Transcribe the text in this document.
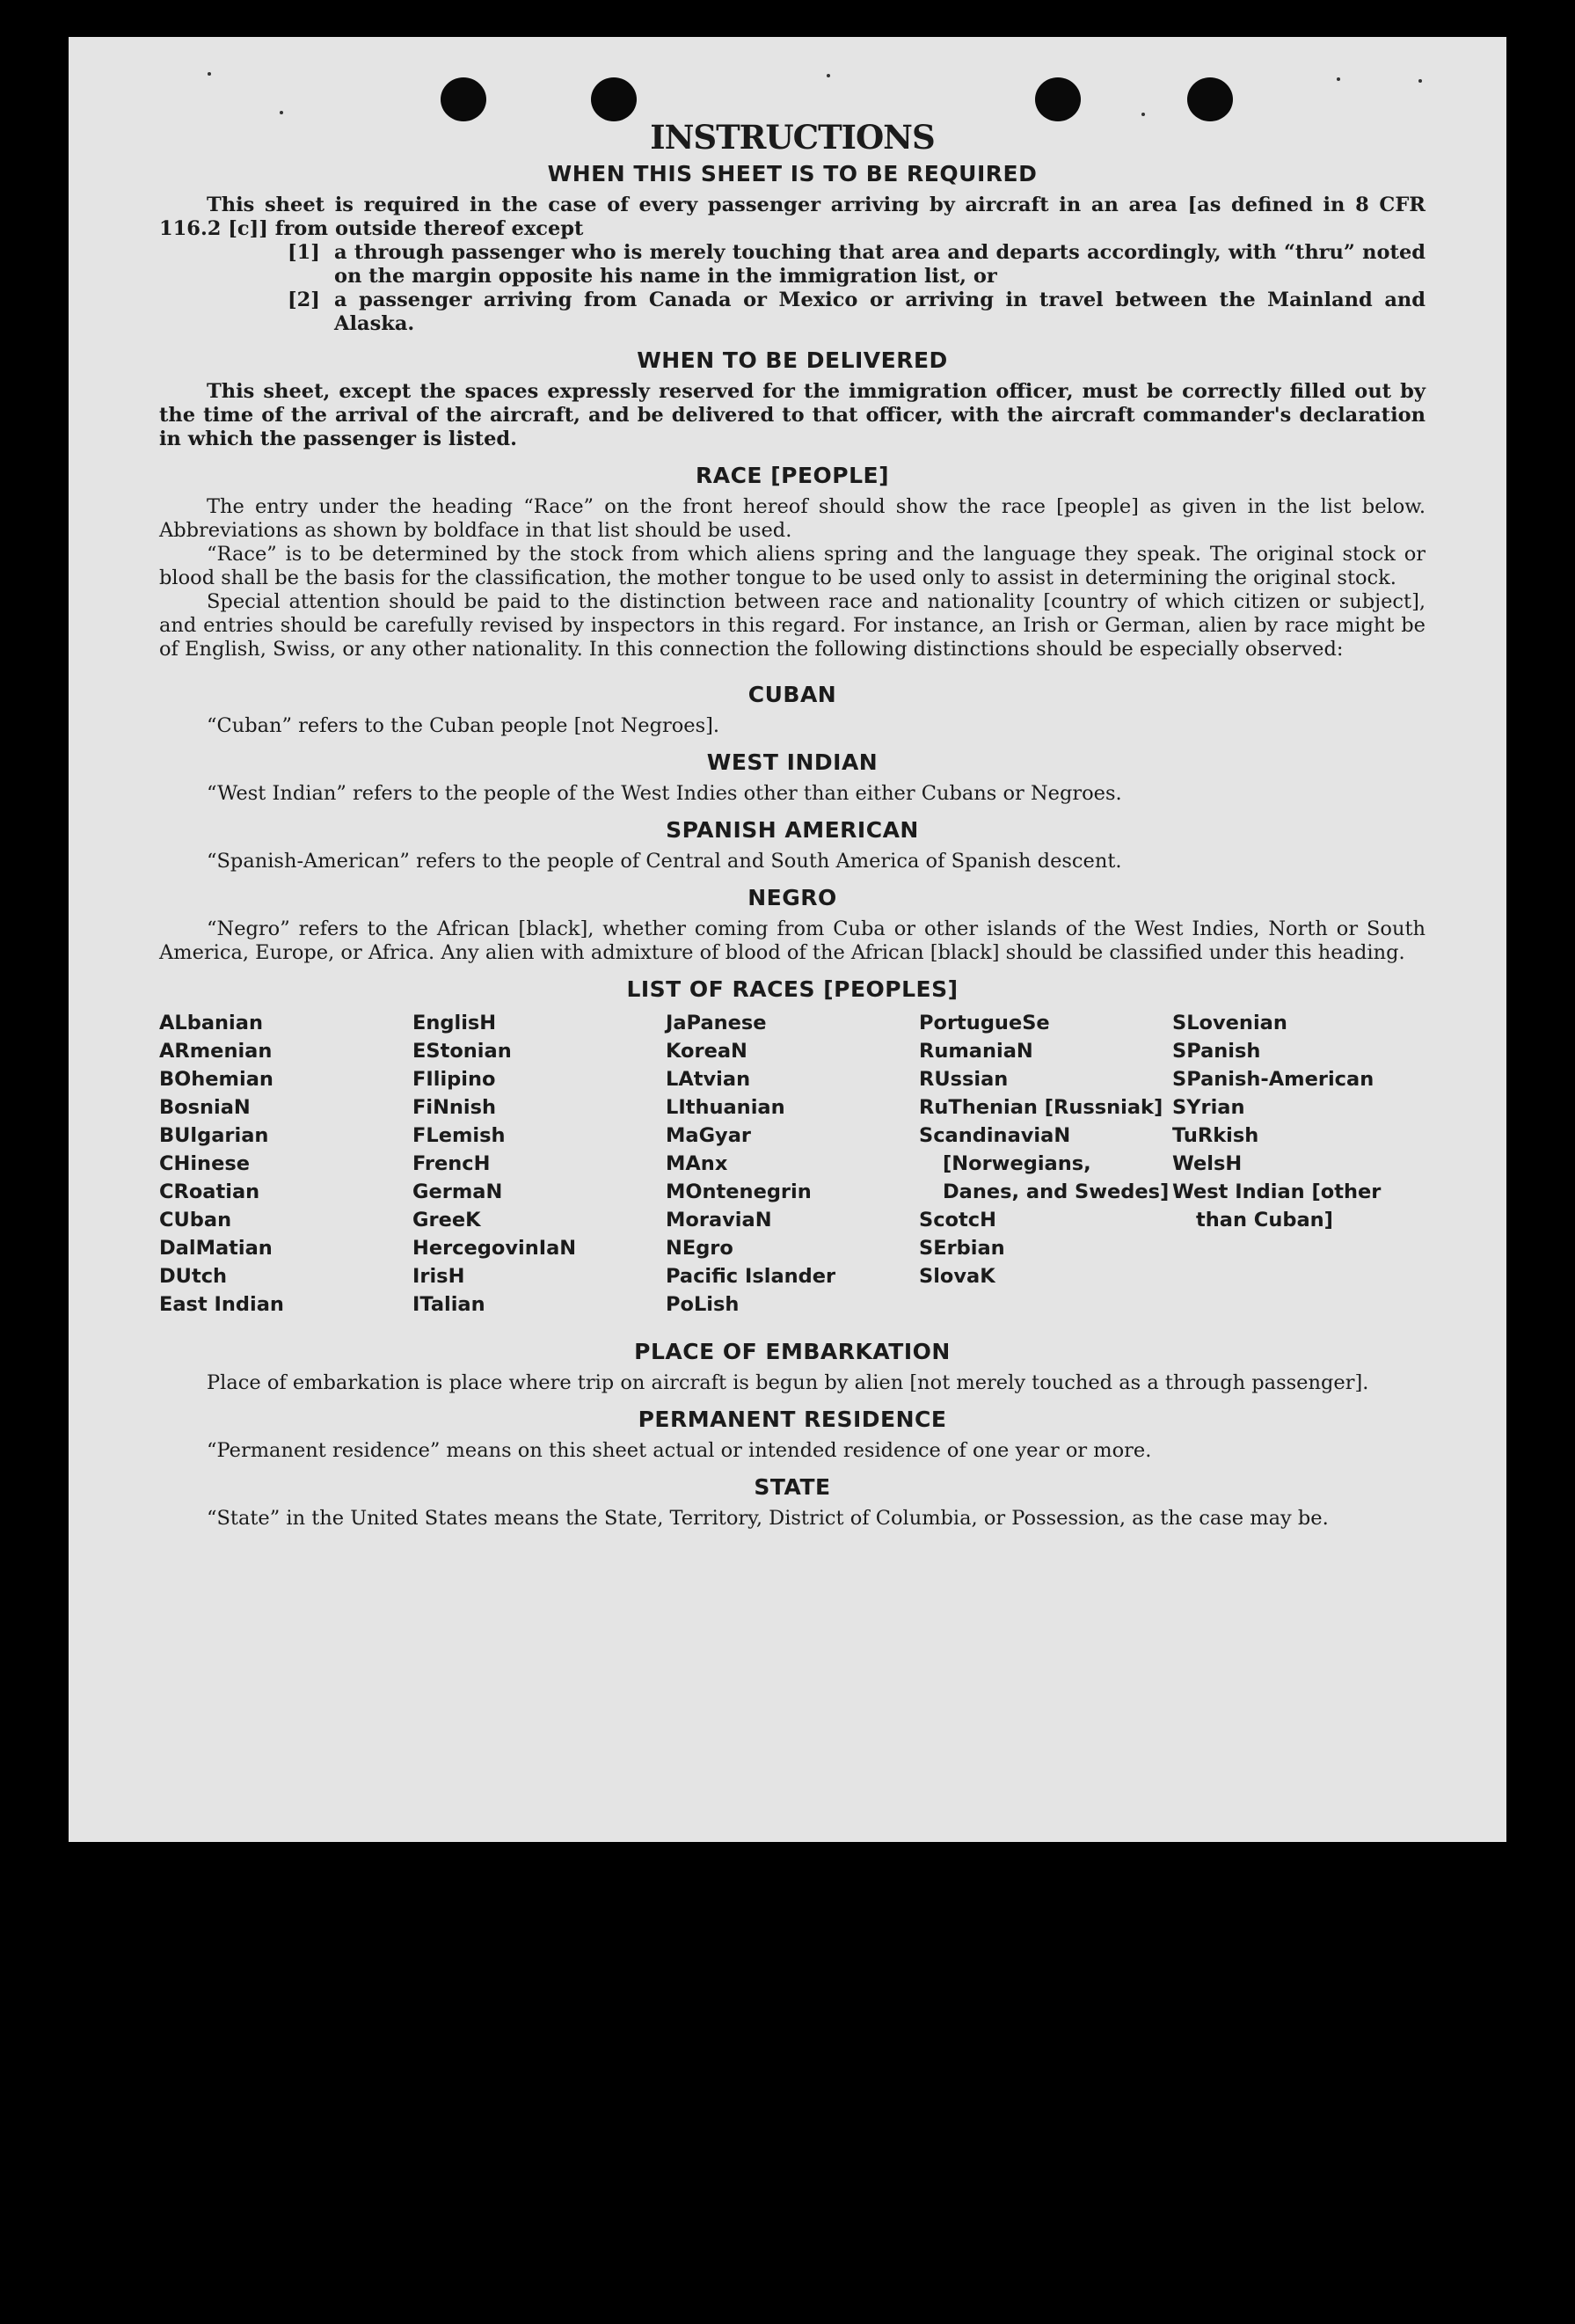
INSTRUCTIONS
WHEN THIS SHEET IS TO BE REQUIRED

This sheet is required in the case of every passenger arriving by aircraft in an area [as defined in 8 CFR 116.2 [c]] from outside thereof except

[1] a through passenger who is merely touching that area and departs accordingly, with “thru” noted on the margin opposite his name in the immigration list, or

[2] a passenger arriving from Canada or Mexico or arriving in travel between the Mainland and Alaska.

WHEN TO BE DELIVERED

This sheet, except the spaces expressly reserved for the immigration officer, must be correctly filled out by the time of the arrival of the aircraft, and be delivered to that officer, with the aircraft commander's declaration in which the passenger is listed.

RACE [PEOPLE]

The entry under the heading “Race” on the front hereof should show the race [people] as given in the list below. Abbreviations as shown by boldface in that list should be used.

“Race” is to be determined by the stock from which aliens spring and the language they speak. The original stock or blood shall be the basis for the classification, the mother tongue to be used only to assist in determining the original stock.

Special attention should be paid to the distinction between race and nationality [country of which citizen or subject], and entries should be carefully revised by inspectors in this regard. For instance, an Irish or German, alien by race might be of English, Swiss, or any other nationality. In this connection the following distinctions should be especially observed:

CUBAN

“Cuban” refers to the Cuban people [not Negroes].

WEST INDIAN

“West Indian” refers to the people of the West Indies other than either Cubans or Negroes.

SPANISH AMERICAN

“Spanish-American” refers to the people of Central and South America of Spanish descent.

NEGRO

“Negro” refers to the African [black], whether coming from Cuba or other islands of the West Indies, North or South America, Europe, or Africa. Any alien with admixture of blood of the African [black] should be classified under this heading.

LIST OF RACES [PEOPLES]
ALbanian
ARmenian
BOhemian
BosniaN
BUlgarian
CHinese
CRoatian
CUban
DalMatian
DUtch
East Indian
EnglisH
EStonian
FIlipino
FiNnish
FLemish
FrencH
GermaN
GreeK
HercegovinIaN
IrisH
ITalian
JaPanese
KoreaN
LAtvian
LIthuanian
MaGyar
MAnx
MOntenegrin
MoraviaN
NEgro
Pacific Islander
PoLish
PortugueSe
RumaniaN
RUssian
RuThenian [Russniak]
ScandinaviaN [Norwegians, Danes, and Swedes]
ScotcH
SErbian
SlovaK
SLovenian
SPanish
SPanish-American
SYrian
TuRkish
WelsH
West Indian [other than Cuban]
PLACE OF EMBARKATION

Place of embarkation is place where trip on aircraft is begun by alien [not merely touched as a through passenger].

PERMANENT RESIDENCE

“Permanent residence” means on this sheet actual or intended residence of one year or more.

STATE

“State” in the United States means the State, Territory, District of Columbia, or Possession, as the case may be.
